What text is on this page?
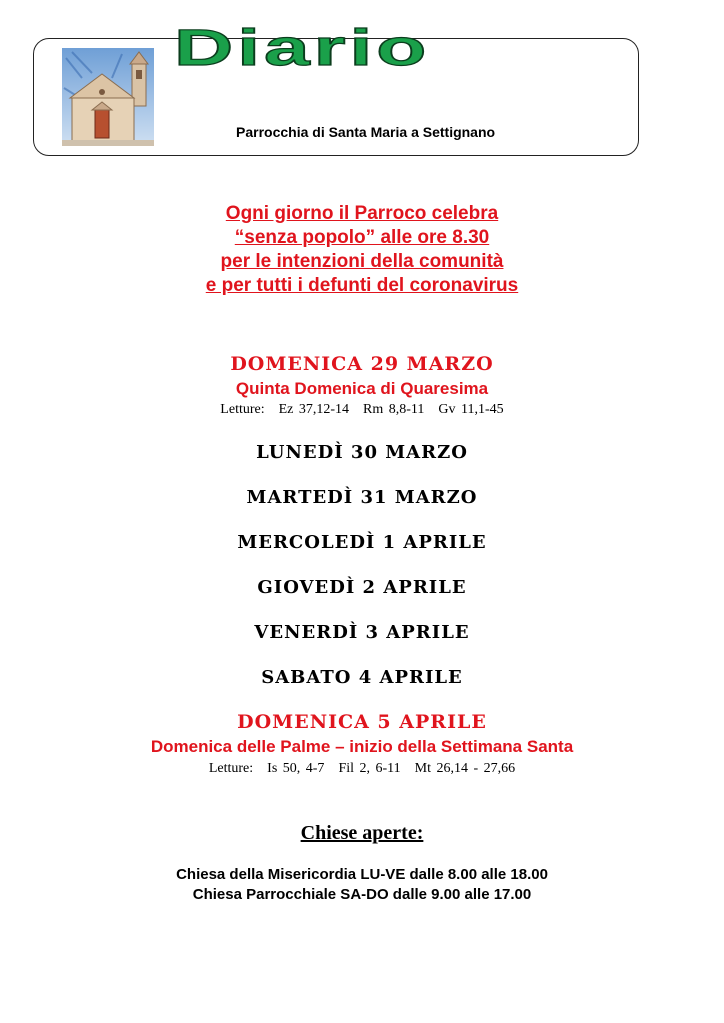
Diario
Parrocchia di Santa Maria a Settignano
Ogni giorno il Parroco celebra
“senza popolo” alle ore 8.30
per le intenzioni della comunità
e per tutti i defunti del coronavirus
DOMENICA 29 MARZO
Quinta Domenica di Quaresima
Letture: Ez 37,12-14 Rm 8,8-11 Gv 11,1-45
LUNEDÌ 30 MARZO
MARTEDÌ 31 MARZO
MERCOLEDÌ 1 APRILE
GIOVEDÌ 2 APRILE
VENERDÌ 3 APRILE
SABATO 4 APRILE
DOMENICA 5 APRILE
Domenica delle Palme – inizio della Settimana Santa
Letture: Is 50, 4-7 Fil 2, 6-11 Mt 26,14 - 27,66
Chiese aperte:
Chiesa della Misericordia LU-VE dalle 8.00 alle 18.00
Chiesa Parrocchiale SA-DO dalle 9.00 alle 17.00
